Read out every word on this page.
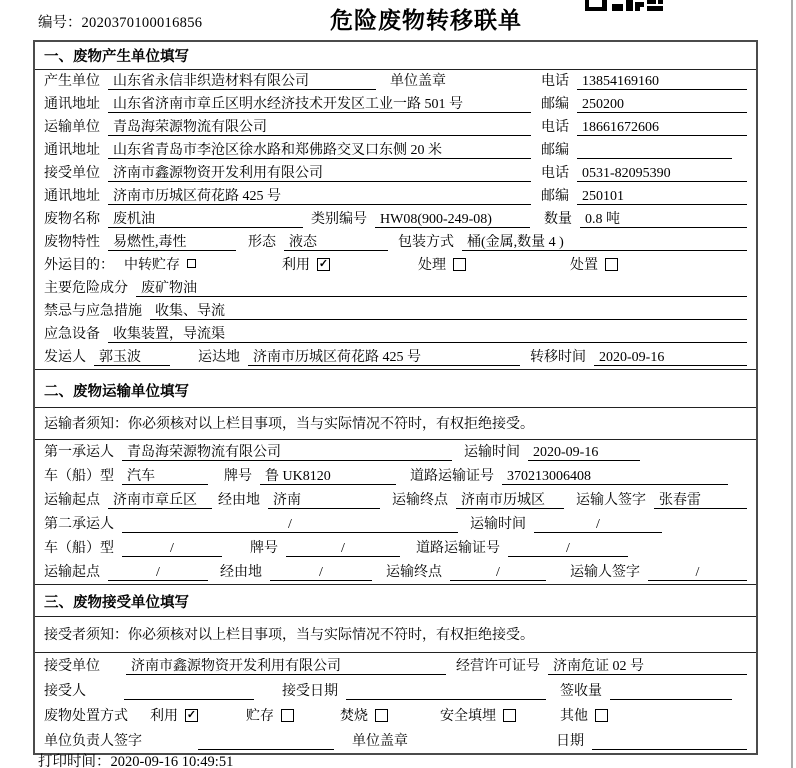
编号：2020370100016856	危险废物转移联单
一、废物产生单位填写
产生单位 山东省永信非织造材料有限公司	单位盖章	电话 13854169160
通讯地址 山东省济南市章丘区明水经济技术开发区工业一路 501 号	邮编 250200
运输单位 青岛海荣源物流有限公司	电话 18661672606
通讯地址 山东省青岛市李沧区徐水路和郑佛路交叉口东侧 20 米	邮编
接受单位 济南市鑫源物资开发利用有限公司	电话 0531-82095390
通讯地址 济南市历城区荷花路 425 号	邮编 250101
废物名称 废机油	类别编号 HW08(900-249-08)	数量 0.8 吨
废物特性 易燃性,毒性	形态 液态	包装方式 桶(金属,数量 4 )
外运目的： 中转贮存	利用 ✓	处理	处置
主要危险成分 废矿物油
禁忌与应急措施 收集、导流
应急设备 收集装置，导流渠
发运人 郭玉波	运达地 济南市历城区荷花路 425 号	转移时间 2020-09-16
二、废物运输单位填写
运输者须知：你必须核对以上栏目事项，当与实际情况不符时，有权拒绝接受。
第一承运人 青岛海荣源物流有限公司	运输时间 2020-09-16
车（船）型 汽车	牌号 鲁 UK8120	道路运输证号 370213006408
运输起点 济南市章丘区	经由地 济南	运输终点 济南市历城区	运输人签字 张春雷
第二承运人	/	运输时间	/
车（船）型	/	牌号	/	道路运输证号	/
运输起点	/	经由地	/	运输终点	/	运输人签字	/
三、废物接受单位填写
接受者须知：你必须核对以上栏目事项，当与实际情况不符时，有权拒绝接受。
接受单位	济南市鑫源物资开发利用有限公司	经营许可证号 济南危证 02 号
接受人	接受日期	签收量
废物处置方式 利用 ✓	贮存	焚烧	安全填埋	其他
单位负责人签字	单位盖章	日期
打印时间：2020-09-16 10:49:51
